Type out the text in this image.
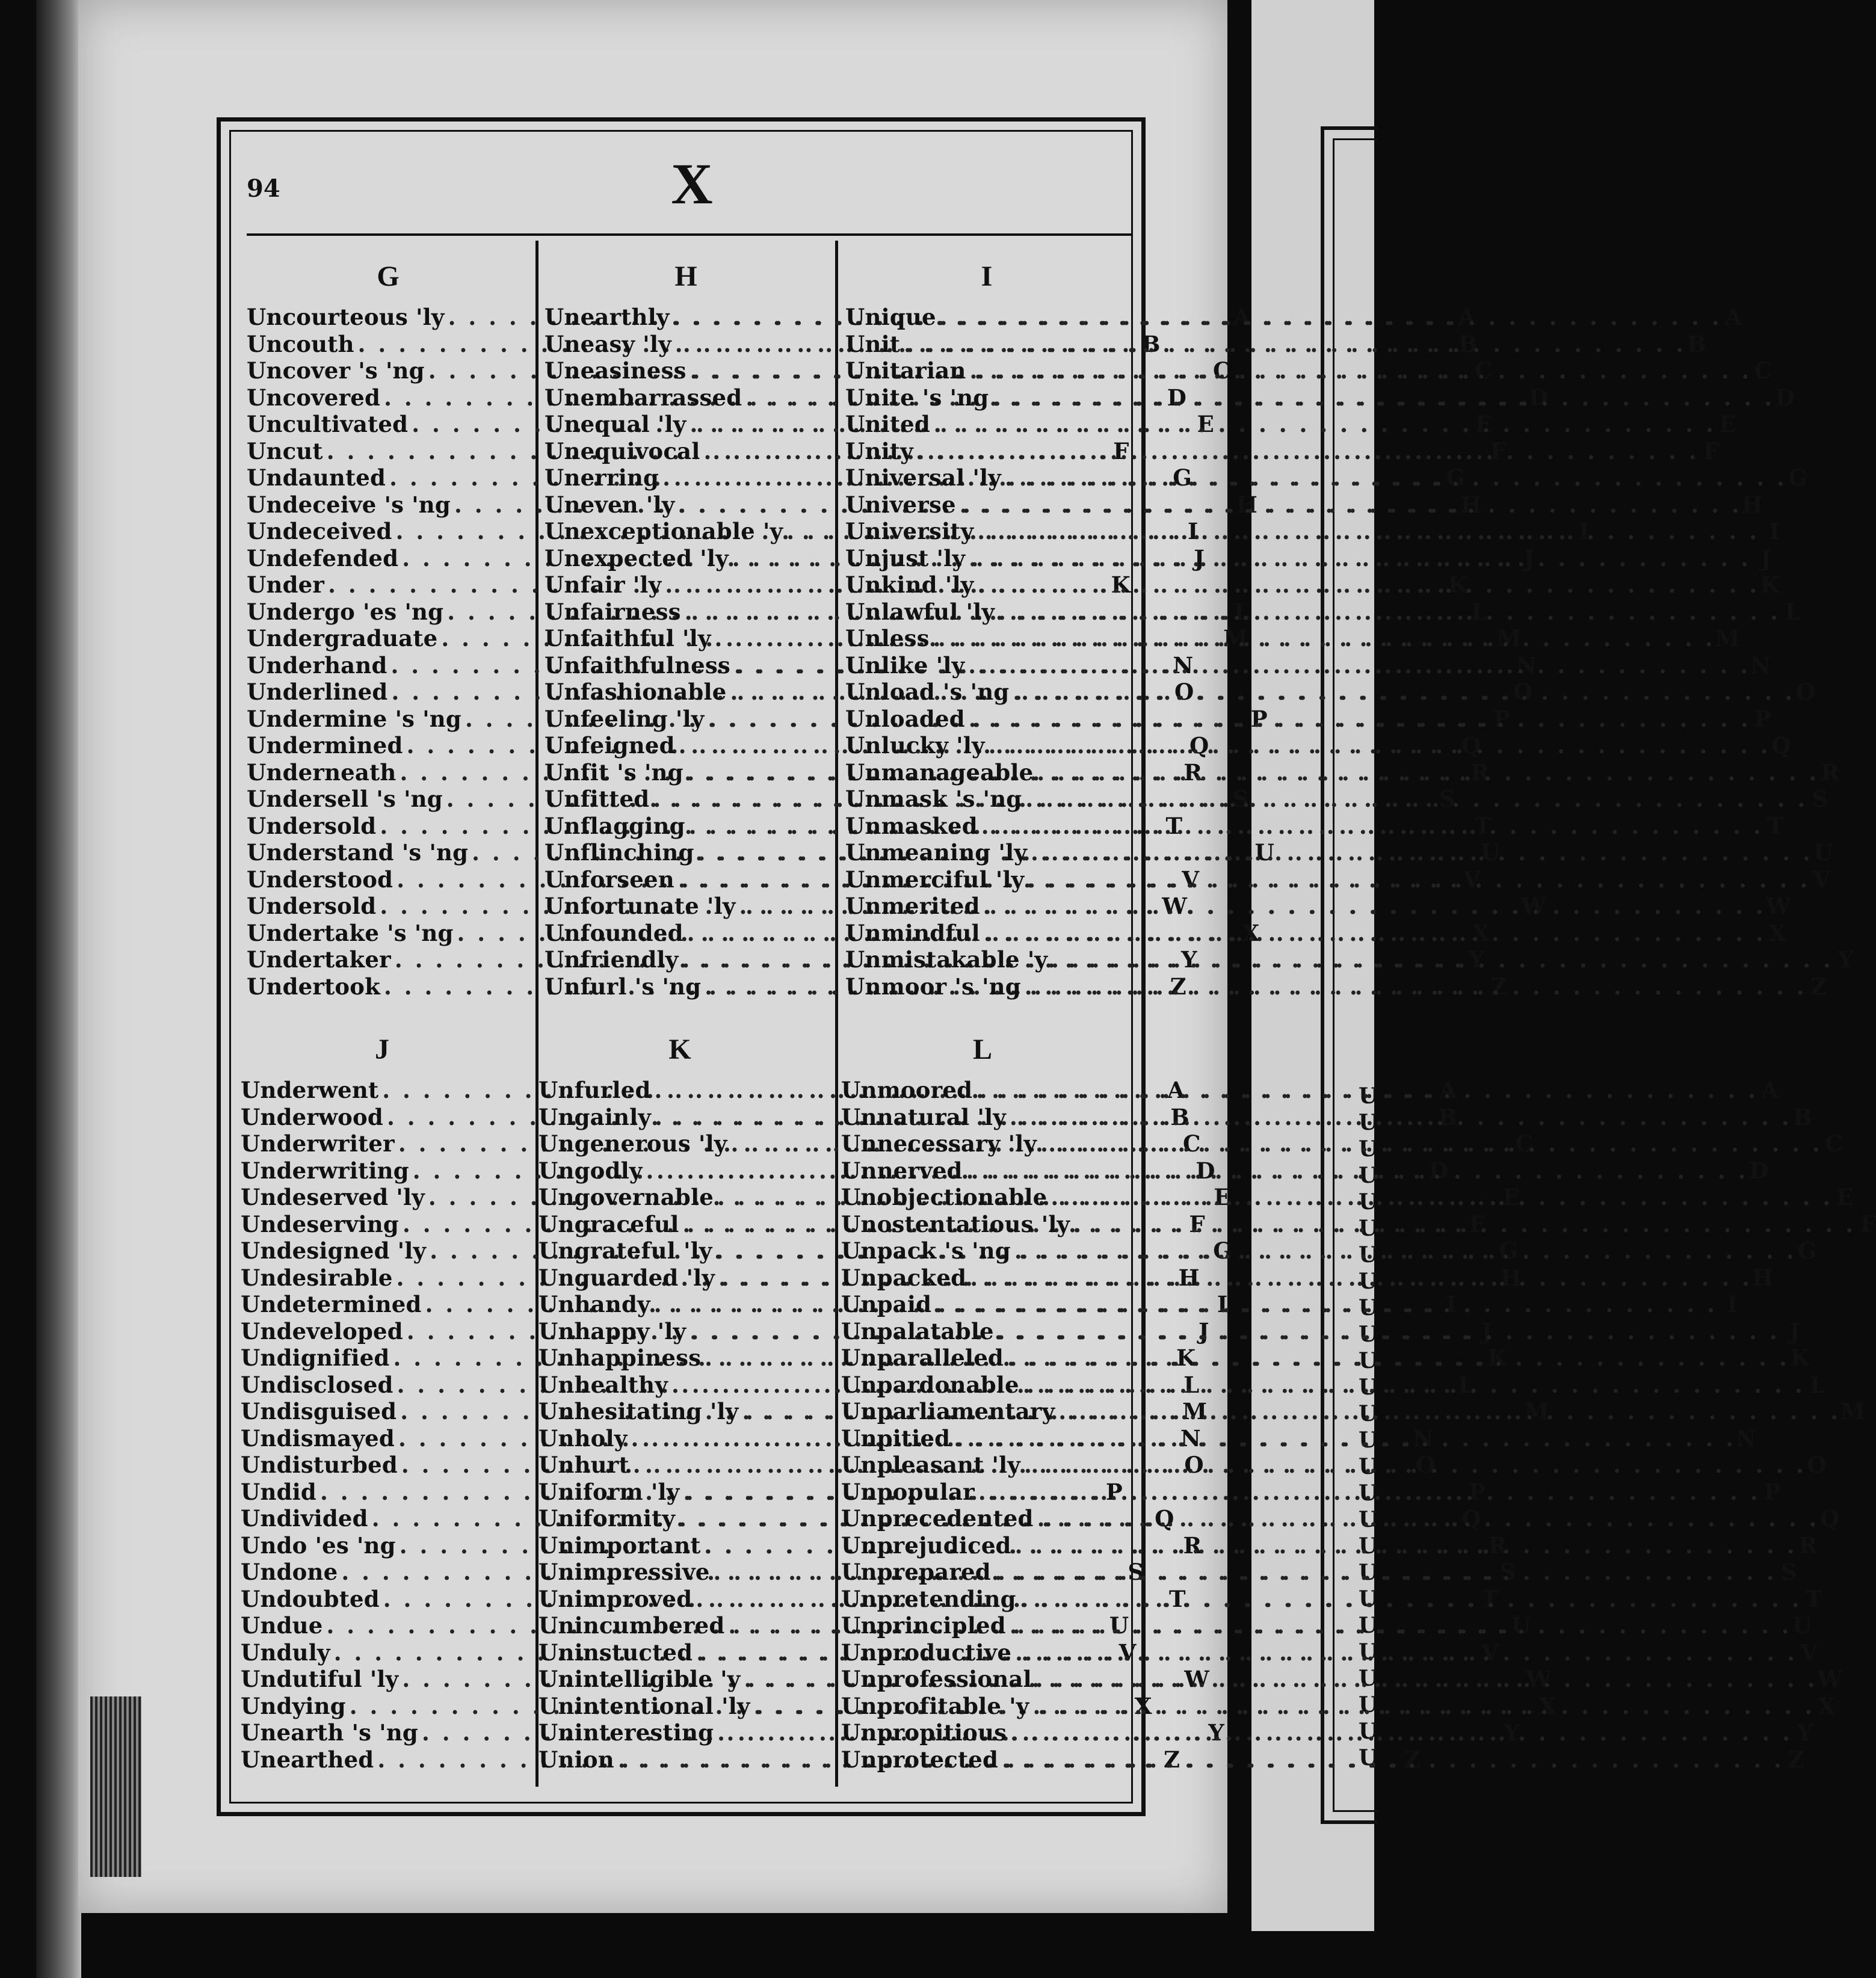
U
U
U
U
U
U
U
U
U
U
U
U
U
U
U
U
U
U
U
U
U
U
U
U
U
U
94	X
G
Uncourteous 'ly . . .	A
Uncouth . . .	B
Uncover 's 'ng . . .	C
Uncovered . . .	D
Uncultivated . . .	E
Uncut . . .	F
Undaunted . . .	G
Undeceive 's 'ng . . .	H
Undeceived . . .	I
Undefended . . .	J
Under . . .	K
Undergo 'es 'ng . . .	L
Undergraduate . . .	M
Underhand . . .	N
Underlined . . .	O
Undermine 's 'ng . . .	P
Undermined . . .	Q
Underneath . . .	R
Undersell 's 'ng . . .	S
Undersold . . .	T
Understand 's 'ng . . .	U
Understood . . .	V
Undersold . . .	W
Undertake 's 'ng . . .	X
Undertaker . . .	Y
Undertook . . .	Z
H
Unearthly . . .	A
Uneasy 'ly . . .	B
Uneasiness . . .	C
Unembarrassed . . .	D
Unequal 'ly . . .	E
Unequivocal . . .	F
Unerring . . .	G
Uneven 'ly . . .	H
Unexceptionable 'y . . .	I
Unexpected 'ly . . .	J
Unfair 'ly . . .	K
Unfairness . . .	L
Unfaithful 'ly . . .	M
Unfaithfulness . . .	N
Unfashionable . . .	O
Unfeeling 'ly . . .	P
Unfeigned . . .	Q
Unfit 's 'ng . . .	R
Unfitted . . .	S
Unflagging . . .	T
Unflinching . . .	U
Unforseen . . .	V
Unfortunate 'ly . . .	W
Unfounded . . .	X
Unfriendly . . .	Y
Unfurl 's 'ng . . .	Z
I
Unique . . .	A
Unit . . .	B
Unitarian . . .	C
Unite 's 'ng . . .	D
United . . .	E
Unity . . .	F
Universal 'ly . . .	G
Universe . . .	H
University . . .	I
Unjust 'ly . . .	J
Unkind 'ly . . .	K
Unlawful 'ly . . .	L
Unless . . .	M
Unlike 'ly . . .	N
Unload 's 'ng . . .	O
Unloaded . . .	P
Unlucky 'ly . . .	Q
Unmanageable . . .	R
Unmask 's 'ng . . .	S
Unmasked . . .	T
Unmeaning 'ly . . .	U
Unmerciful 'ly . . .	V
Unmerited . . .	W
Unmindful . . .	X
Unmistakable 'y . . .	Y
Unmoor 's 'ng . . .	Z
J
Underwent . . .	A
Underwood . . .	B
Underwriter . . .	C
Underwriting . . .	D
Undeserved 'ly . . .	E
Undeserving . . .	F
Undesigned 'ly . . .	G
Undesirable . . .	H
Undetermined . . .	I
Undeveloped . . .	J
Undignified . . .	K
Undisclosed . . .	L
Undisguised . . .	M
Undismayed . . .	N
Undisturbed . . .	O
Undid . . .	P
Undivided . . .	Q
Undo 'es 'ng . . .	R
Undone . . .	S
Undoubted . . .	T
Undue . . .	U
Unduly . . .	V
Undutiful 'ly . . .	W
Undying . . .	X
Unearth 's 'ng . . .	Y
Unearthed . . .	Z
K
Unfurled . . .	A
Ungainly . . .	B
Ungenerous 'ly . . .	C
Ungodly . . .	D
Ungovernable . . .	E
Ungraceful . . .	F
Ungrateful 'ly . . .	G
Unguarded 'ly . . .	H
Unhandy . . .	I
Unhappy 'ly . . .	J
Unhappiness . . .	K
Unhealthy . . .	L
Unhesitating 'ly . . .	M
Unholy . . .	N
Unhurt . . .	O
Uniform 'ly . . .	P
Uniformity . . .	Q
Unimportant . . .	R
Unimpressive . . .	S
Unimproved . . .	T
Unincumbered . . .	U
Uninstucted . . .	V
Unintelligible 'y . . .	W
Unintentional 'ly . . .	X
Uninteresting . . .	Y
Union . . .	Z
L
Unmoored . . .	A
Unnatural 'ly . . .	B
Unnecessary 'ly . . .	C
Unnerved . . .	D
Unobjectionable . . .	E
Unostentatious 'ly . . .	F
Unpack 's 'ng . . .	G
Unpacked . . .	H
Unpaid . . .	I
Unpalatable . . .	J
Unparalleled . . .	K
Unpardonable . . .	L
Unparliamentary . . .	M
Unpitied . . .	N
Unpleasant 'ly . . .	O
Unpopular . . .	P
Unprecedented . . .	Q
Unprejudiced . . .	R
Unprepared . . .	S
Unpretending . . .	T
Unprincipled . . .	U
Unproductive . . .	V
Unprofessional . . .	W
Unprofitable 'y . . .	X
Unpropitious . . .	Y
Unprotected . . .	Z
